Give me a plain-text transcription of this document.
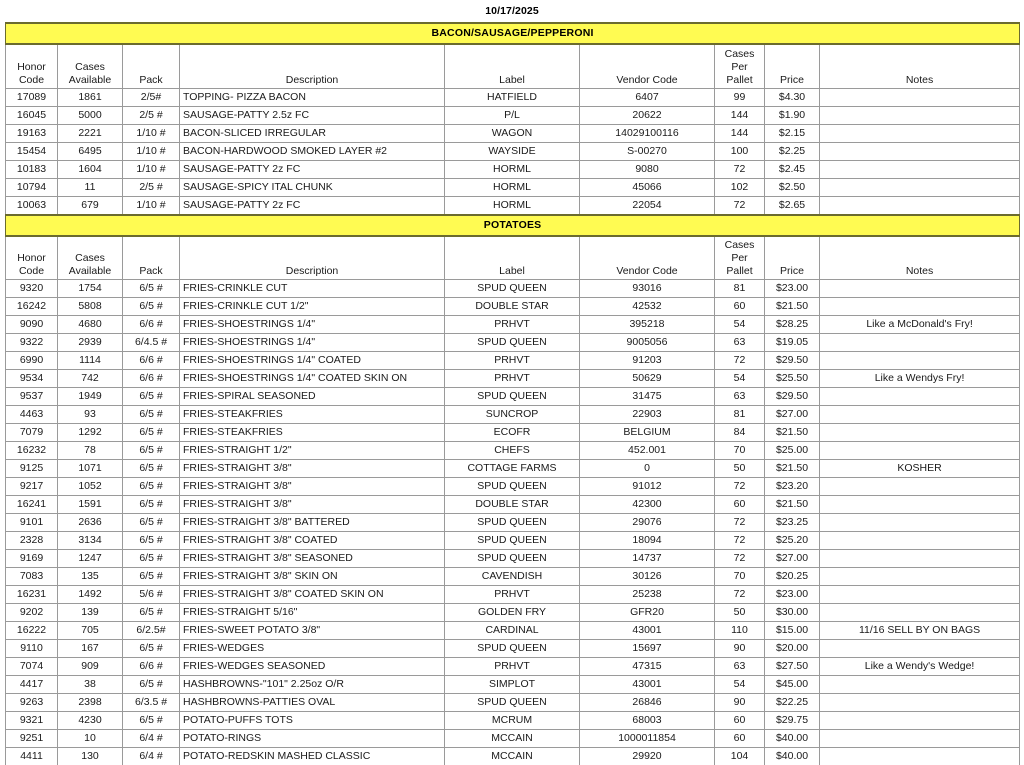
10/17/2025
BACON/SAUSAGE/PEPPERONI								
Honor
Code	Cases
Available	Pack	Description	Label	Vendor Code	Cases
Per
Pallet	Price	Notes
17089	1861	2/5#	TOPPING- PIZZA BACON	HATFIELD	6407	99	$4.30	
16045	5000	2/5 #	SAUSAGE-PATTY 2.5z FC	P/L	20622	144	$1.90	
19163	2221	1/10 #	BACON-SLICED IRREGULAR	WAGON	14029100116	144	$2.15	
15454	6495	1/10 #	BACON-HARDWOOD SMOKED LAYER #2	WAYSIDE	S-00270	100	$2.25	
10183	1604	1/10 #	SAUSAGE-PATTY 2z FC	HORML	9080	72	$2.45	
10794	11	2/5 #	SAUSAGE-SPICY ITAL CHUNK	HORML	45066	102	$2.50	
10063	679	1/10 #	SAUSAGE-PATTY 2z FC	HORML	22054	72	$2.65	
POTATOES								
Honor
Code	Cases
Available	Pack	Description	Label	Vendor Code	Cases
Per
Pallet	Price	Notes
9320	1754	6/5 #	FRIES-CRINKLE CUT	SPUD QUEEN	93016	81	$23.00	
16242	5808	6/5 #	FRIES-CRINKLE CUT 1/2"	DOUBLE STAR	42532	60	$21.50	
9090	4680	6/6 #	FRIES-SHOESTRINGS 1/4"	PRHVT	395218	54	$28.25	Like a McDonald's Fry!
9322	2939	6/4.5 #	FRIES-SHOESTRINGS 1/4"	SPUD QUEEN	9005056	63	$19.05	
6990	1114	6/6 #	FRIES-SHOESTRINGS 1/4" COATED	PRHVT	91203	72	$29.50	
9534	742	6/6 #	FRIES-SHOESTRINGS 1/4" COATED SKIN ON	PRHVT	50629	54	$25.50	Like a Wendys Fry!
9537	1949	6/5 #	FRIES-SPIRAL SEASONED	SPUD QUEEN	31475	63	$29.50	
4463	93	6/5 #	FRIES-STEAKFRIES	SUNCROP	22903	81	$27.00	
7079	1292	6/5 #	FRIES-STEAKFRIES	ECOFR	BELGIUM	84	$21.50	
16232	78	6/5 #	FRIES-STRAIGHT 1/2"	CHEFS	452.001	70	$25.00	
9125	1071	6/5 #	FRIES-STRAIGHT 3/8"	COTTAGE FARMS	0	50	$21.50	KOSHER
9217	1052	6/5 #	FRIES-STRAIGHT 3/8"	SPUD QUEEN	91012	72	$23.20	
16241	1591	6/5 #	FRIES-STRAIGHT 3/8"	DOUBLE STAR	42300	60	$21.50	
9101	2636	6/5 #	FRIES-STRAIGHT 3/8" BATTERED	SPUD QUEEN	29076	72	$23.25	
2328	3134	6/5 #	FRIES-STRAIGHT 3/8" COATED	SPUD QUEEN	18094	72	$25.20	
9169	1247	6/5 #	FRIES-STRAIGHT 3/8" SEASONED	SPUD QUEEN	14737	72	$27.00	
7083	135	6/5 #	FRIES-STRAIGHT 3/8" SKIN ON	CAVENDISH	30126	70	$20.25	
16231	1492	5/6 #	FRIES-STRAIGHT 3/8" COATED SKIN ON	PRHVT	25238	72	$23.00	
9202	139	6/5 #	FRIES-STRAIGHT 5/16"	GOLDEN FRY	GFR20	50	$30.00	
16222	705	6/2.5#	FRIES-SWEET POTATO 3/8"	CARDINAL	43001	110	$15.00	11/16 SELL BY ON BAGS
9110	167	6/5 #	FRIES-WEDGES	SPUD QUEEN	15697	90	$20.00	
7074	909	6/6 #	FRIES-WEDGES SEASONED	PRHVT	47315	63	$27.50	Like a Wendy's Wedge!
4417	38	6/5 #	HASHBROWNS-"101" 2.25oz O/R	SIMPLOT	43001	54	$45.00	
9263	2398	6/3.5 #	HASHBROWNS-PATTIES OVAL	SPUD QUEEN	26846	90	$22.25	
9321	4230	6/5 #	POTATO-PUFFS TOTS	MCRUM	68003	60	$29.75	
9251	10	6/4 #	POTATO-RINGS	MCCAIN	1000011854	60	$40.00	
4411	130	6/4 #	POTATO-REDSKIN MASHED CLASSIC	MCCAIN	29920	104	$40.00	
